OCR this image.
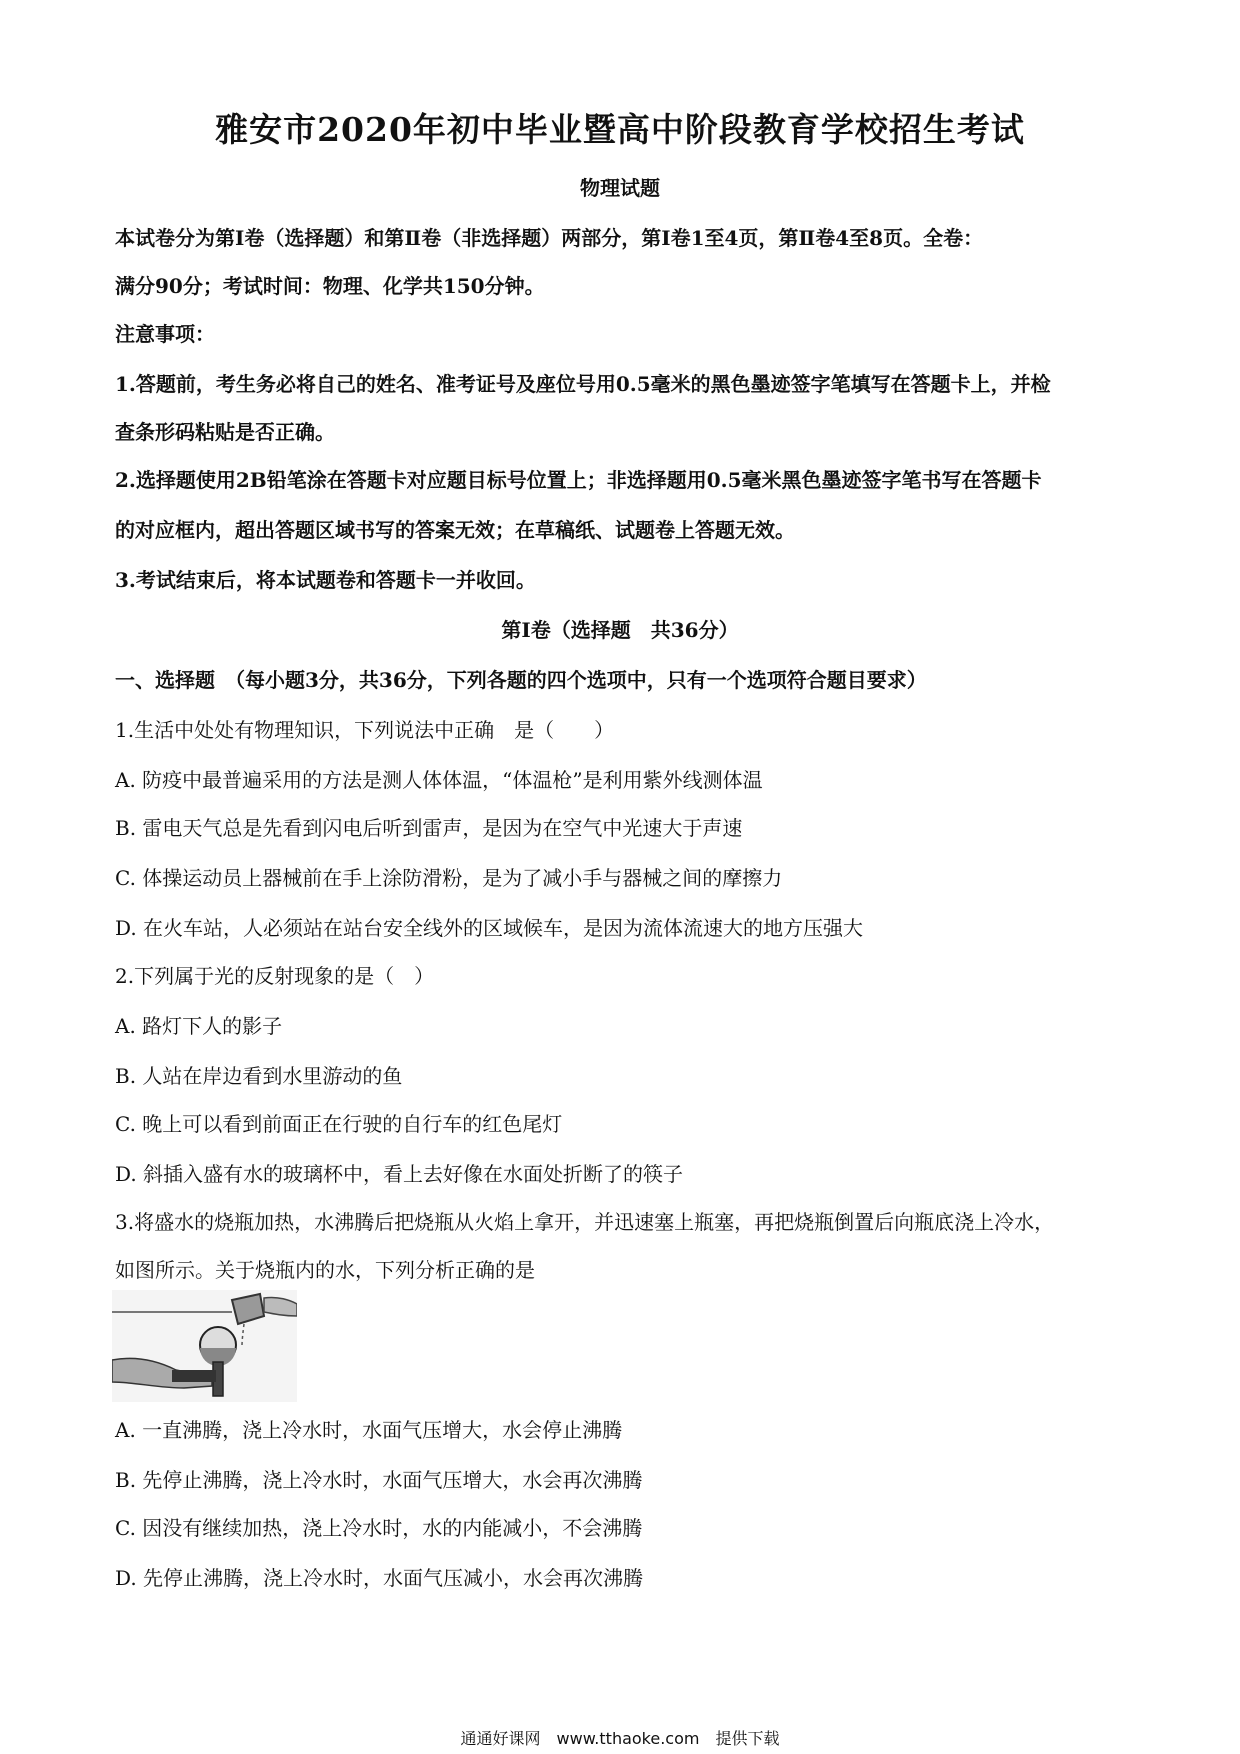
雅安市2020年初中毕业暨高中阶段教育学校招生考试
物理试题
本试卷分为第Ⅰ卷（选择题）和第Ⅱ卷（非选择题）两部分，第Ⅰ卷1至4页，第Ⅱ卷4至8页。全卷：
满分90分；考试时间：物理、化学共150分钟。
注意事项：
1.答题前，考生务必将自己的姓名、准考证号及座位号用0.5毫米的黑色墨迹签字笔填写在答题卡上，并检
查条形码粘贴是否正确。
2.选择题使用2B铅笔涂在答题卡对应题目标号位置上；非选择题用0.5毫米黑色墨迹签字笔书写在答题卡
的对应框内，超出答题区域书写的答案无效；在草稿纸、试题卷上答题无效。
3.考试结束后，将本试题卷和答题卡一并收回。
第Ⅰ卷（选择题　共36分）
一、选择题　（每小题3分，共36分，下列各题的四个选项中，只有一个选项符合题目要求）
1.生活中处处有物理知识，下列说法中正确　是（　　）
A. 防疫中最普遍采用的方法是测人体体温，“体温枪”是利用紫外线测体温
B. 雷电天气总是先看到闪电后听到雷声，是因为在空气中光速大于声速
C. 体操运动员上器械前在手上涂防滑粉，是为了减小手与器械之间的摩擦力
D. 在火车站，人必须站在站台安全线外的区域候车，是因为流体流速大的地方压强大
2.下列属于光的反射现象的是（　）
A. 路灯下人的影子
B. 人站在岸边看到水里游动的鱼
C. 晚上可以看到前面正在行驶的自行车的红色尾灯
D. 斜插入盛有水的玻璃杯中，看上去好像在水面处折断了的筷子
3.将盛水的烧瓶加热，水沸腾后把烧瓶从火焰上拿开，并迅速塞上瓶塞，再把烧瓶倒置后向瓶底浇上冷水，
如图所示。关于烧瓶内的水，下列分析正确的是
A. 一直沸腾，浇上冷水时，水面气压增大，水会停止沸腾
B. 先停止沸腾，浇上冷水时，水面气压增大，水会再次沸腾
C. 因没有继续加热，浇上冷水时，水的内能减小，不会沸腾
D. 先停止沸腾，浇上冷水时，水面气压减小，水会再次沸腾
通通好课网　www.tthaoke.com　提供下载
